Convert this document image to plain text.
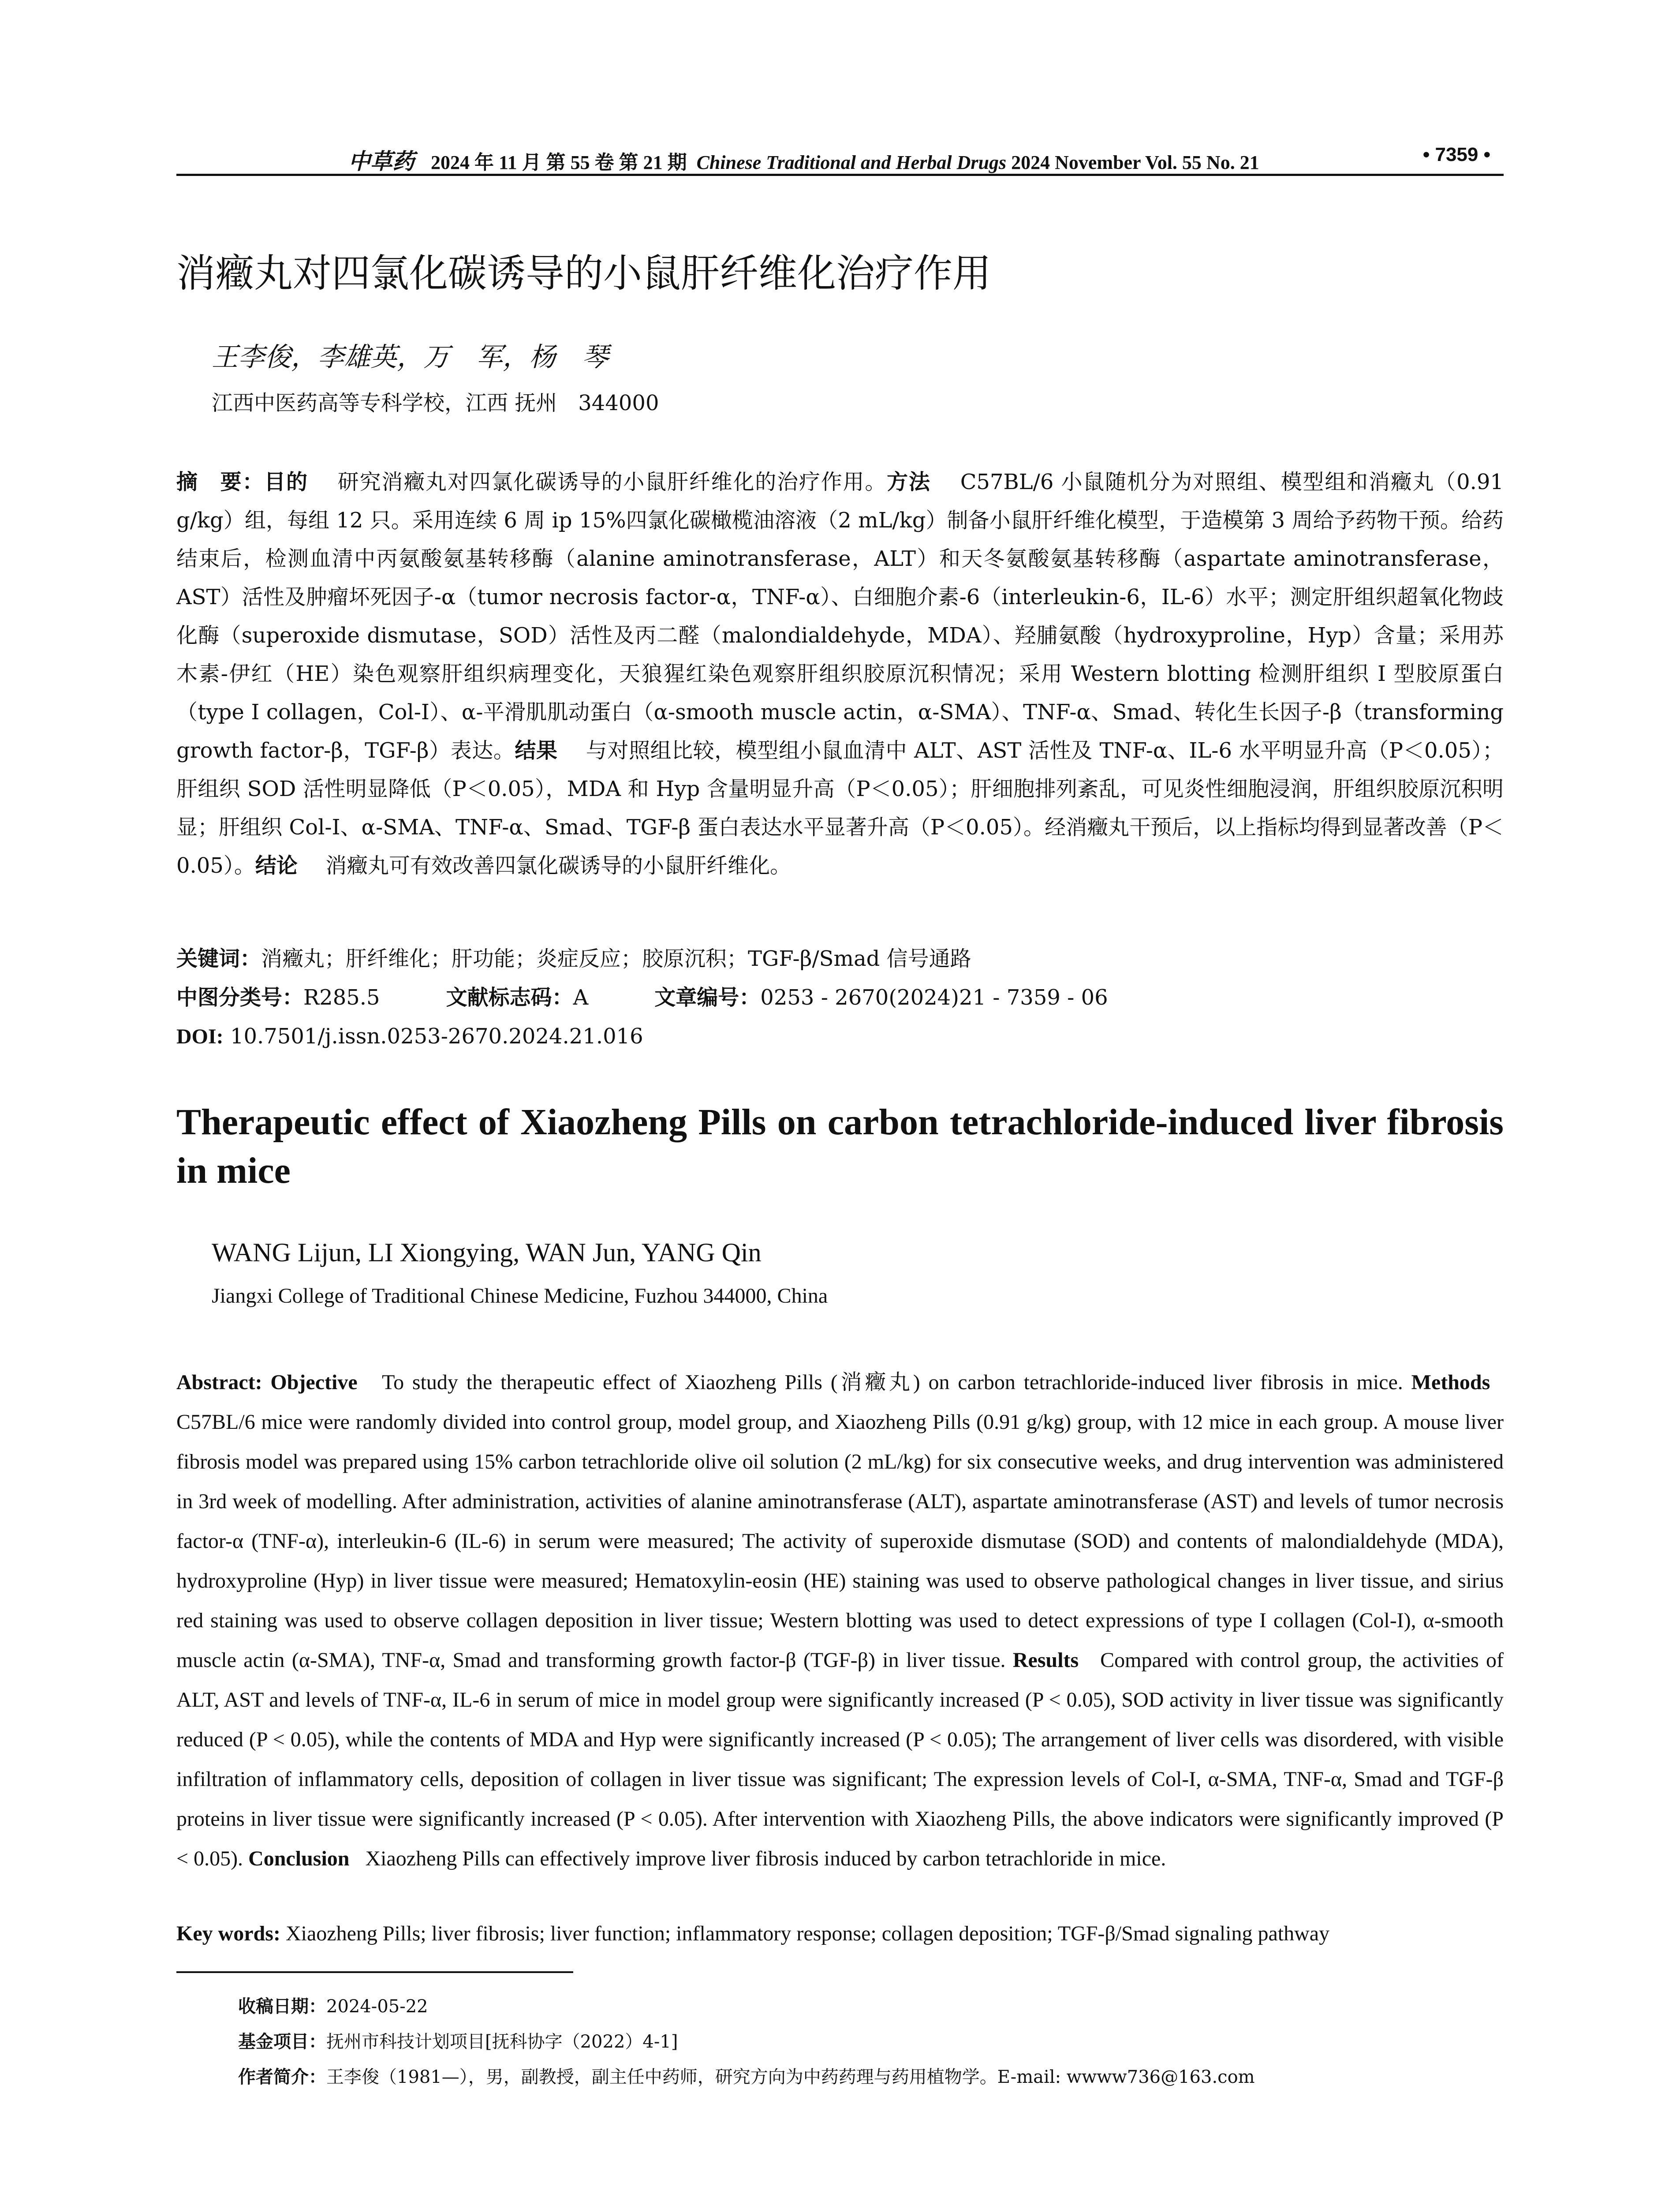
中草药 2024 年 11 月 第 55 卷 第 21 期 Chinese Traditional and Herbal Drugs 2024 November Vol. 55 No. 21	• 7359 •
消癥丸对四氯化碳诱导的小鼠肝纤维化治疗作用
王李俊，李雄英，万　军，杨　琴
江西中医药高等专科学校，江西 抚州　344000
摘　要：目的　 研究消癥丸对四氯化碳诱导的小鼠肝纤维化的治疗作用。方法　 C57BL/6 小鼠随机分为对照组、模型组和消癥丸（0.91 g/kg）组，每组 12 只。采用连续 6 周 ip 15%四氯化碳橄榄油溶液（2 mL/kg）制备小鼠肝纤维化模型，于造模第 3 周给予药物干预。给药结束后，检测血清中丙氨酸氨基转移酶（alanine aminotransferase，ALT）和天冬氨酸氨基转移酶（aspartate aminotransferase，AST）活性及肿瘤坏死因子-α（tumor necrosis factor-α，TNF-α）、白细胞介素-6（interleukin-6，IL-6）水平；测定肝组织超氧化物歧化酶（superoxide dismutase，SOD）活性及丙二醛（malondialdehyde，MDA）、羟脯氨酸（hydroxyproline，Hyp）含量；采用苏木素-伊红（HE）染色观察肝组织病理变化，天狼猩红染色观察肝组织胶原沉积情况；采用 Western blotting 检测肝组织 I 型胶原蛋白（type I collagen，Col-I）、α-平滑肌肌动蛋白（α-smooth muscle actin，α-SMA）、TNF-α、Smad、转化生长因子-β（transforming growth factor-β，TGF-β）表达。结果　 与对照组比较，模型组小鼠血清中 ALT、AST 活性及 TNF-α、IL-6 水平明显升高（P＜0.05）；肝组织 SOD 活性明显降低（P＜0.05），MDA 和 Hyp 含量明显升高（P＜0.05）；肝细胞排列紊乱，可见炎性细胞浸润，肝组织胶原沉积明显；肝组织 Col-I、α-SMA、TNF-α、Smad、TGF-β 蛋白表达水平显著升高（P＜0.05）。经消癥丸干预后，以上指标均得到显著改善（P＜0.05）。结论　 消癥丸可有效改善四氯化碳诱导的小鼠肝纤维化。
关键词：消癥丸；肝纤维化；肝功能；炎症反应；胶原沉积；TGF-β/Smad 信号通路
中图分类号：R285.5	文献标志码：A	文章编号：0253 - 2670(2024)21 - 7359 - 06
DOI: 10.7501/j.issn.0253-2670.2024.21.016
Therapeutic effect of Xiaozheng Pills on carbon tetrachloride-induced liver fibrosis in mice
WANG Lijun, LI Xiongying, WAN Jun, YANG Qin
Jiangxi College of Traditional Chinese Medicine, Fuzhou 344000, China
Abstract: Objective To study the therapeutic effect of Xiaozheng Pills (消癥丸) on carbon tetrachloride-induced liver fibrosis in mice. Methods   C57BL/6 mice were randomly divided into control group, model group, and Xiaozheng Pills (0.91 g/kg) group, with 12 mice in each group. A mouse liver fibrosis model was prepared using 15% carbon tetrachloride olive oil solution (2 mL/kg) for six consecutive weeks, and drug intervention was administered in 3rd week of modelling. After administration, activities of alanine aminotransferase (ALT), aspartate aminotransferase (AST) and levels of tumor necrosis factor-α (TNF-α), interleukin-6 (IL-6) in serum were measured; The activity of superoxide dismutase (SOD) and contents of malondialdehyde (MDA), hydroxyproline (Hyp) in liver tissue were measured; Hematoxylin-eosin (HE) staining was used to observe pathological changes in liver tissue, and sirius red staining was used to observe collagen deposition in liver tissue; Western blotting was used to detect expressions of type I collagen (Col-I), α-smooth muscle actin (α-SMA), TNF-α, Smad and transforming growth factor-β (TGF-β) in liver tissue. Results Compared with control group, the activities of ALT, AST and levels of TNF-α, IL-6 in serum of mice in model group were significantly increased (P < 0.05), SOD activity in liver tissue was significantly reduced (P < 0.05), while the contents of MDA and Hyp were significantly increased (P < 0.05); The arrangement of liver cells was disordered, with visible infiltration of inflammatory cells, deposition of collagen in liver tissue was significant; The expression levels of Col-I, α-SMA, TNF-α, Smad and TGF-β proteins in liver tissue were significantly increased (P < 0.05). After intervention with Xiaozheng Pills, the above indicators were significantly improved (P < 0.05). Conclusion Xiaozheng Pills can effectively improve liver fibrosis induced by carbon tetrachloride in mice.
Key words: Xiaozheng Pills; liver fibrosis; liver function; inflammatory response; collagen deposition; TGF-β/Smad signaling pathway
收稿日期：2024-05-22
基金项目：抚州市科技计划项目[抚科协字（2022）4-1]
作者简介：王李俊（1981—），男，副教授，副主任中药师，研究方向为中药药理与药用植物学。E-mail: wwww736@163.com
